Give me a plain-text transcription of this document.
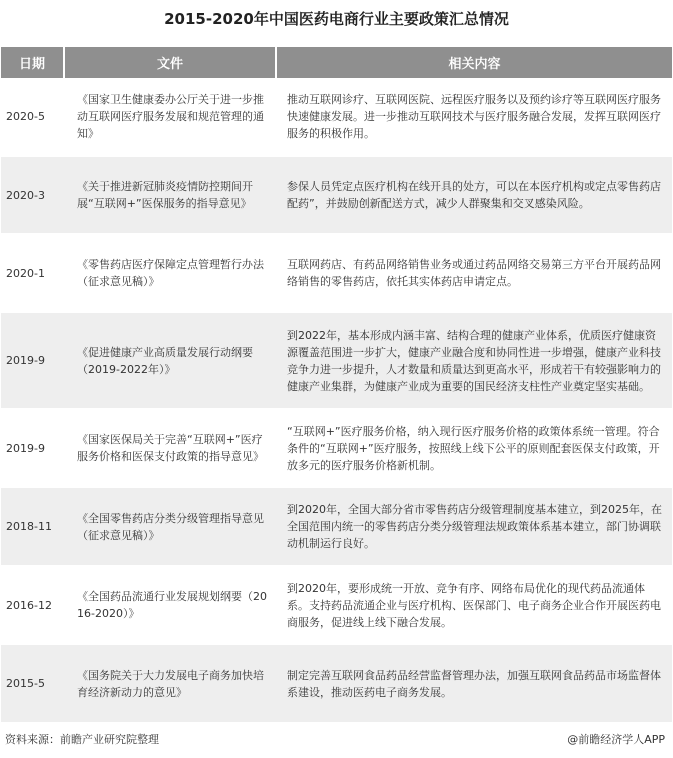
2015-2020年中国医药电商行业主要政策汇总情况
日期	文件	相关内容
2020-5	《国家卫生健康委办公厅关于进一步推动互联网医疗服务发展和规范管理的通知》	推动互联网诊疗、互联网医院、远程医疗服务以及预约诊疗等互联网医疗服务快速健康发展。进一步推动互联网技术与医疗服务融合发展，发挥互联网医疗服务的积极作用。
2020-3	《关于推进新冠肺炎疫情防控期间开展“互联网+”医保服务的指导意见》	参保人员凭定点医疗机构在线开具的处方，可以在本医疗机构或定点零售药店配药”，并鼓励创新配送方式，减少人群聚集和交叉感染风险。
2020-1	《零售药店医疗保障定点管理暂行办法（征求意见稿）》	互联网药店、有药品网络销售业务或通过药品网络交易第三方平台开展药品网络销售的零售药店，依托其实体药店申请定点。
2019-9	《促进健康产业高质量发展行动纲要（2019-2022年）》	到2022年，基本形成内涵丰富、结构合理的健康产业体系，优质医疗健康资源覆盖范围进一步扩大，健康产业融合度和协同性进一步增强，健康产业科技竞争力进一步提升，人才数量和质量达到更高水平，形成若干有较强影响力的健康产业集群，为健康产业成为重要的国民经济支柱性产业奠定坚实基础。
2019-9	《国家医保局关于完善“互联网+”医疗服务价格和医保支付政策的指导意见》	“互联网+”医疗服务价格，纳入现行医疗服务价格的政策体系统一管理。符合条件的“互联网+”医疗服务，按照线上线下公平的原则配套医保支付政策，开放多元的医疗服务价格新机制。
2018-11	《全国零售药店分类分级管理指导意见（征求意见稿）》	到2020年，全国大部分省市零售药店分级管理制度基本建立，到2025年，在全国范围内统一的零售药店分类分级管理法规政策体系基本建立，部门协调联动机制运行良好。
2016-12	《全国药品流通行业发展规划纲要（2016-2020）》	到2020年，要形成统一开放、竞争有序、网络布局优化的现代药品流通体系。支持药品流通企业与医疗机构、医保部门、电子商务企业合作开展医药电商服务，促进线上线下融合发展。
2015-5	《国务院关于大力发展电子商务加快培育经济新动力的意见》	制定完善互联网食品药品经营监督管理办法，加强互联网食品药品市场监督体系建设，推动医药电子商务发展。
资料来源：前瞻产业研究院整理	@前瞻经济学人APP
